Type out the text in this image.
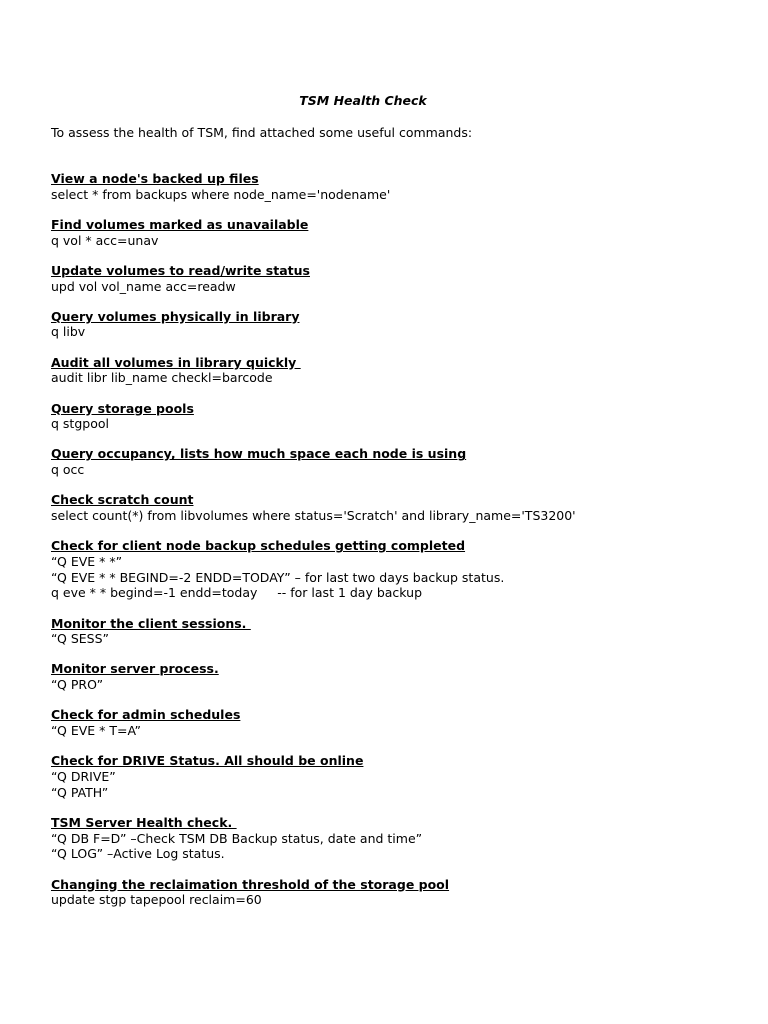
TSM Health Check
To assess the health of TSM, find attached some useful commands:
View a node's backed up files
select * from backups where node_name='nodename'
Find volumes marked as unavailable
q vol * acc=unav
Update volumes to read/write status
upd vol vol_name acc=readw
Query volumes physically in library
q libv
Audit all volumes in library quickly
audit libr lib_name checkl=barcode
Query storage pools
q stgpool
Query occupancy, lists how much space each node is using
q occ
Check scratch count
select count(*) from libvolumes where status='Scratch' and library_name='TS3200'
Check for client node backup schedules getting completed
“Q EVE * *”
“Q EVE * * BEGIND=-2 ENDD=TODAY” – for last two days backup status.
q eve * * begind=-1 endd=today     -- for last 1 day backup
Monitor the client sessions.
“Q SESS”
Monitor server process.
“Q PRO”
Check for admin schedules
“Q EVE * T=A”
Check for DRIVE Status. All should be online
“Q DRIVE”
“Q PATH”
TSM Server Health check.
“Q DB F=D” –Check TSM DB Backup status, date and time”
“Q LOG” –Active Log status.
Changing the reclaimation threshold of the storage pool
update stgp tapepool reclaim=60
